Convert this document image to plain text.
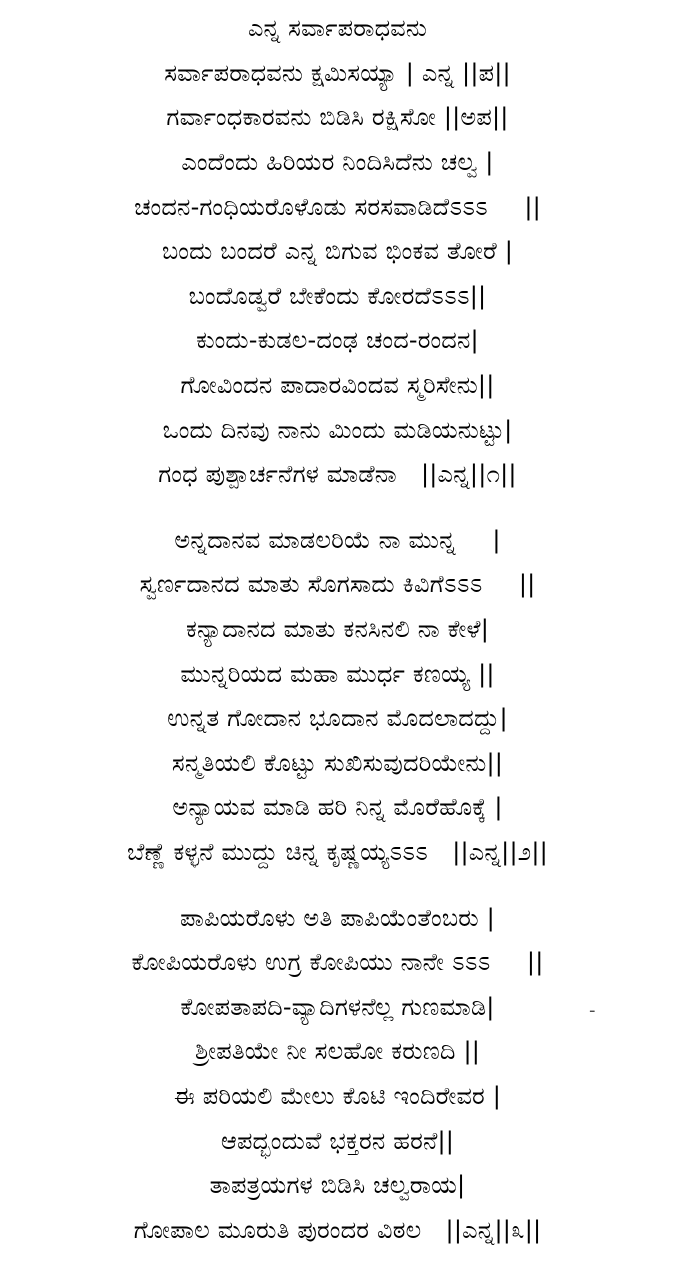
ಎನ್ನ ಸರ್ವಾಪರಾಧವನು
ಸರ್ವಾಪರಾಧವನು ಕ್ಷಮಿಸಯ್ಯಾ | ಎನ್ನ ||ಪ||
ಗರ್ವಾಂಧಕಾರವನು ಬಿಡಿಸಿ ರಕ್ಷಿಸೋ ||ಅಪ||
ಎಂದೆಂದು ಹಿರಿಯರ ನಿಂದಿಸಿದೆನು ಚಲ್ವ |
ಚಂದನ-ಗಂಧಿಯರೊಳೊಡು ಸರಸವಾಡಿದೆಽಽಽ  ||
ಬಂದು ಬಂದರೆ ಎನ್ನ ಬಿಗುವ ಭಿಂಕವ ತೋರೆ |
ಬಂದೊಡ್ವರೆ ಬೇಕೆಂದು ಕೋರದೆಽಽಽ||
ಕುಂದು-ಕುಡಲ-ದಂಢ ಚಂದ-ರಂದನ|
ಗೋವಿಂದನ ಪಾದಾರವಿಂದವ ಸ್ಮರಿಸೇನು||
ಒಂದು ದಿನವು ನಾನು ಮಿಂದು ಮಡಿಯನುಟ್ಟು|
ಗಂಧ ಪುಶ್ಪಾರ್ಚನೆಗಳ ಮಾಡೆನಾ ||ಎನ್ನ||೧||
ಅನ್ನದಾನವ ಮಾಡಲರಿಯೆ ನಾ ಮುನ್ನ  |
ಸ್ವರ್ಣದಾನದ ಮಾತು ಸೊಗಸಾದು ಕಿವಿಗೆಽಽಽ  ||
ಕನ್ಯಾದಾನದ ಮಾತು ಕನಸಿನಲಿ ನಾ ಕೇಳೆ|
ಮುನ್ನರಿಯದ ಮಹಾ ಮುರ್ಧ ಕಣಯ್ಯ ||
ಉನ್ನತ ಗೋದಾನ ಭೂದಾನ ಮೊದಲಾದದ್ದು|
ಸನ್ಮತಿಯಲಿ ಕೊಟ್ಟು ಸುಖಿಸುವುದರಿಯೇನು||
ಅನ್ಯಾಯವ ಮಾಡಿ ಹರಿ ನಿನ್ನ ಮೊರೆಹೊಕ್ಕೆ |
ಬೆಣ್ಣೆ ಕಳ್ಳನೆ ಮುದ್ದು ಚಿನ್ನ ಕೃಷ್ಣಯ್ಯಽಽಽ ||ಎನ್ನ||೨||
ಪಾಪಿಯರೊಳು ಅತಿ ಪಾಪಿಯೆಂತೆಂಬರು |
ಕೋಪಿಯರೊಳು ಉಗ್ರ ಕೋಪಿಯು ನಾನೇ ಽಽಽ  ||
ಕೋಪತಾಪದಿ-ವ್ಯಾದಿಗಳನೆಲ್ಲ ಗುಣಮಾಡಿ|
ಶ್ರೀಪತಿಯೇ ನೀ ಸಲಹೋ ಕರುಣದಿ ||
ಈ ಪರಿಯಲಿ ಮೇಲು ಕೊಟಿ ಇಂದಿರೇವರ |
ಆಪದ್ಭಂದುವೆ ಭಕ್ತರನ ಹರನೆ||
ತಾಪತ್ರಯಗಳ ಬಿಡಿಸಿ ಚಲ್ವರಾಯ|
ಗೋಪಾಲ ಮೂರುತಿ ಪುರಂದರ ವಿಠಲ ||ಎನ್ನ||೩||
-
